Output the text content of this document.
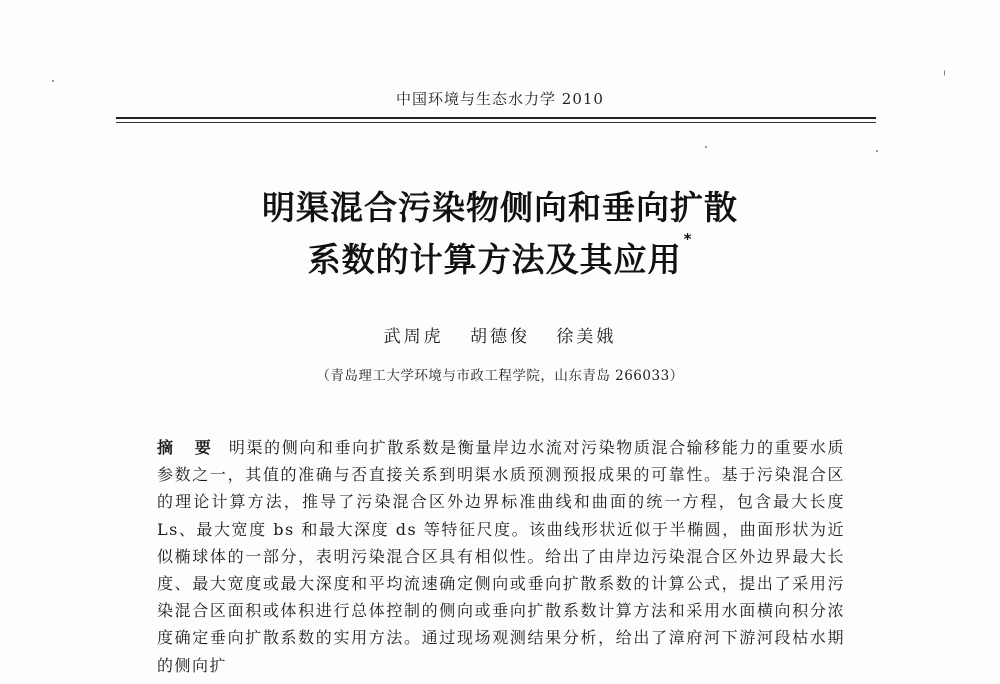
中国环境与生态水力学 2010
明渠混合污染物侧向和垂向扩散
系数的计算方法及其应用*
武周虎 胡德俊 徐美娥
（青岛理工大学环境与市政工程学院，山东青岛 266033）
摘 要 明渠的侧向和垂向扩散系数是衡量岸边水流对污染物质混合输移能力的重要水质参数之一，其值的准确与否直接关系到明渠水质预测预报成果的可靠性。基于污染混合区的理论计算方法，推导了污染混合区外边界标准曲线和曲面的统一方程，包含最大长度 Ls、最大宽度 bs 和最大深度 ds 等特征尺度。该曲线形状近似于半椭圆，曲面形状为近似椭球体的一部分，表明污染混合区具有相似性。给出了由岸边污染混合区外边界最大长度、最大宽度或最大深度和平均流速确定侧向或垂向扩散系数的计算公式，提出了采用污染混合区面积或体积进行总体控制的侧向或垂向扩散系数计算方法和采用水面横向积分浓度确定垂向扩散系数的实用方法。通过现场观测结果分析，给出了漳府河下游河段枯水期的侧向扩
